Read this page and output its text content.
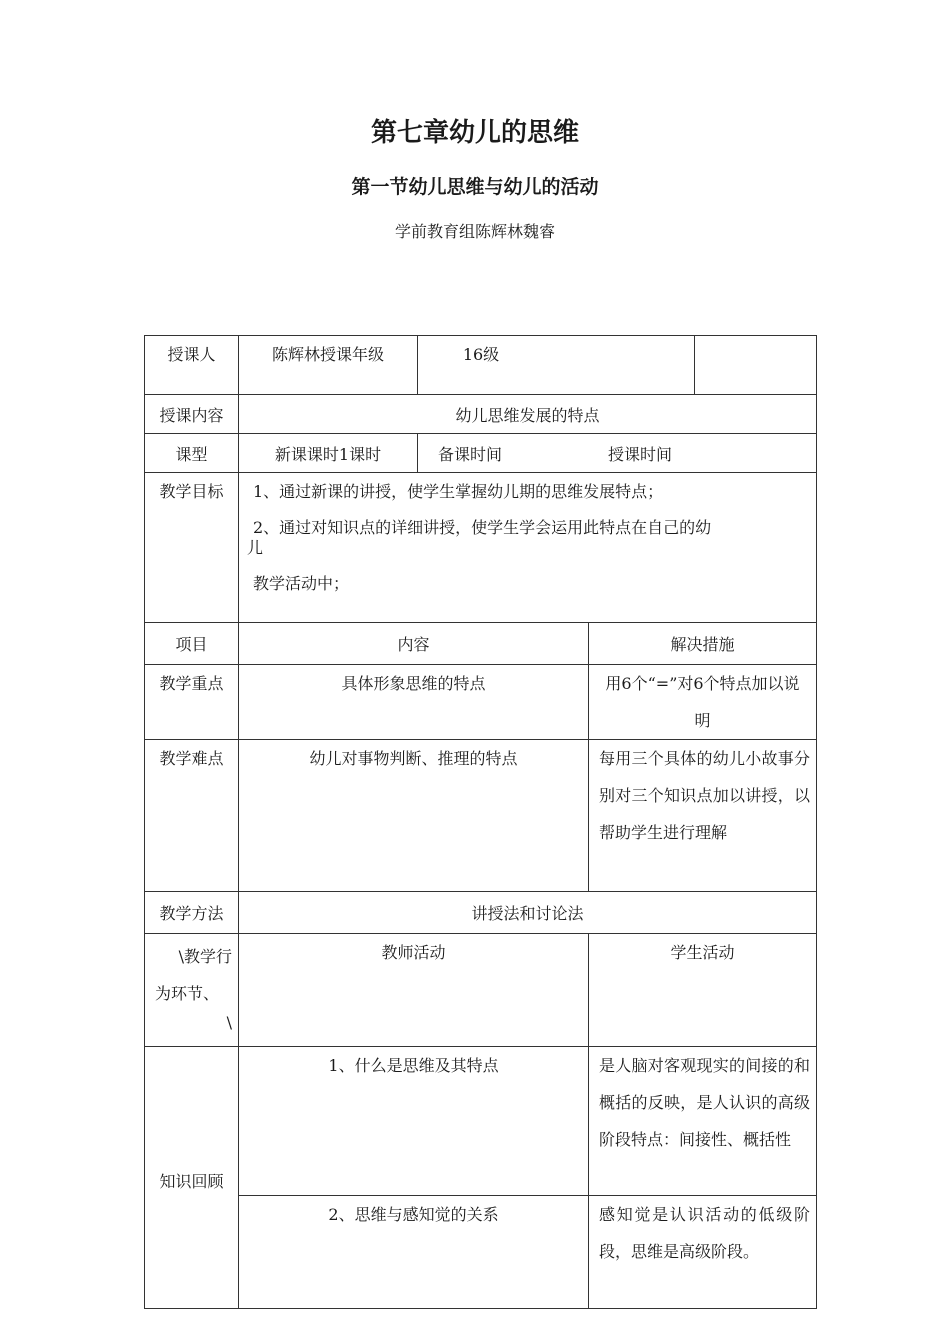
第七章幼儿的思维
第一节幼儿思维与幼儿的活动
学前教育组陈辉林魏睿
授课人	陈辉林授课年级	16级		
授课内容	幼儿思维发展的特点			
课型	新课课时1课时	备课时间 授课时间		
教学目标	1、通过新课的讲授，使学生掌握幼儿期的思维发展特点；
2、通过对知识点的详细讲授，使学生学会运用此特点在自己的幼
儿
教学活动中；			

项目	内容		解决措施	
教学重点	具体形象思维的特点		用6个“=”对6个特点加以说明	
教学难点	幼儿对事物判断、推理的特点		每用三个具体的幼儿小故事分别对三个知识点加以讲授，以帮助学生进行理解	
教学方法	讲授法和讨论法			

\教学行
为环节、
\	教师活动		学生活动	
知识回顾	1、什么是思维及其特点		是人脑对客观现实的间接的和概括的反映，是人认识的高级阶段特点：间接性、概括性	
	2、思维与感知觉的关系		感知觉是认识活动的低级阶段，思维是高级阶段。	
